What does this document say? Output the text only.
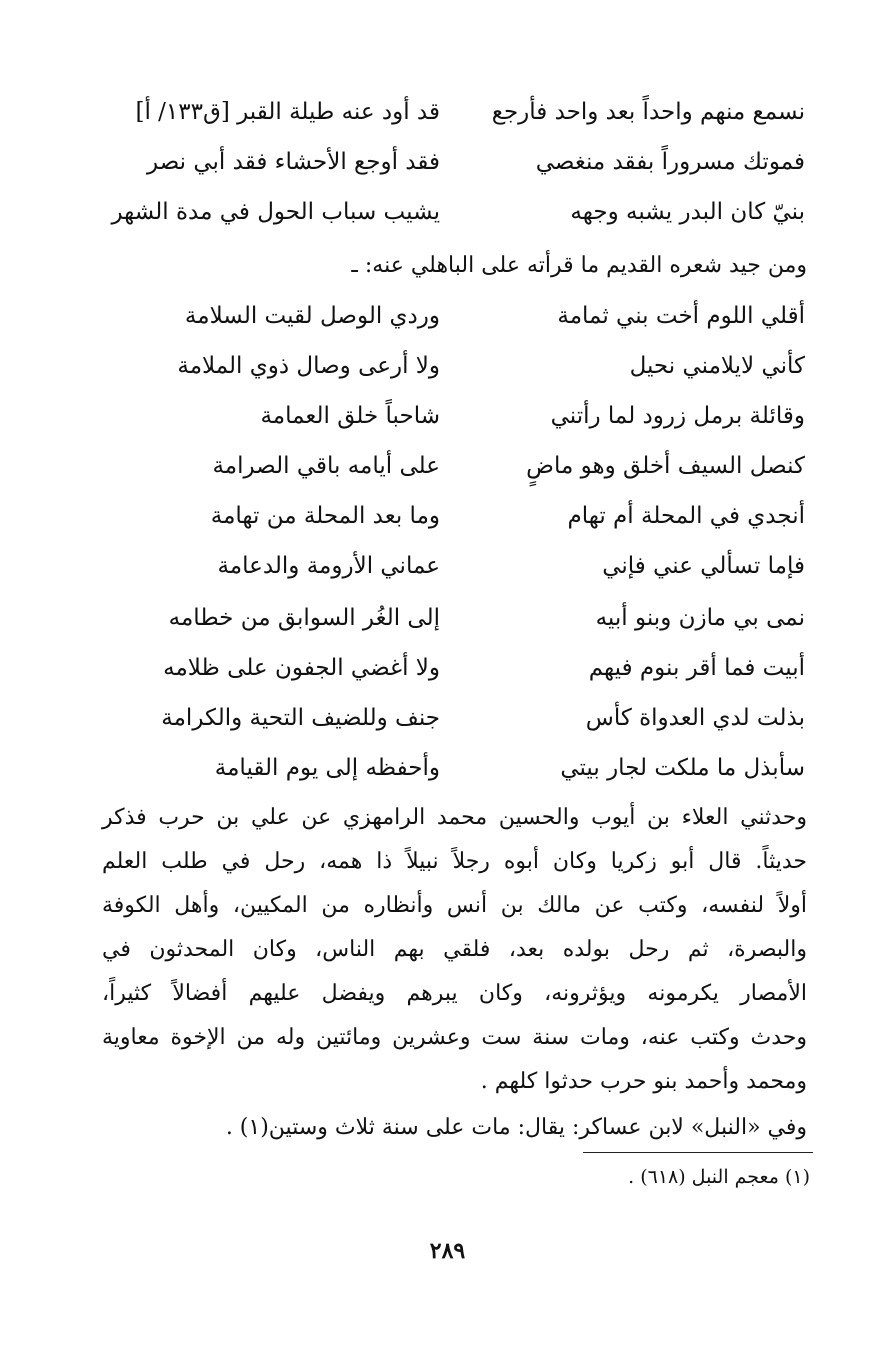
نسمع منهم واحداً بعد واحد فأرجع
قد أود عنه طيلة القبر [ق١٣٣/ أ]
فموتك مسروراً بفقد منغصي
فقد أوجع الأحشاء فقد أبي نصر
بنيّ كان البدر يشبه وجهه
يشيب سباب الحول في مدة الشهر
ومن جيد شعره القديم ما قرأته على الباهلي عنه: ـ
أقلي اللوم أخت بني ثمامة
وردي الوصل لقيت السلامة
كأني لايلامني نحيل
ولا أرعى وصال ذوي الملامة
وقائلة برمل زرود لما رأتني
شاحباً خلق العمامة
كنصل السيف أخلق وهو ماضٍ
على أيامه باقي الصرامة
أنجدي في المحلة أم تهام
وما بعد المحلة من تهامة
فإما تسألي عني فإني
عماني الأرومة والدعامة
نمى بي مازن وبنو أبيه
إلى الغُر السوابق من خطامه
أبيت فما أقر بنوم فيهم
ولا أغضي الجفون على ظلامه
بذلت لدي العدواة كأس
جنف وللضيف التحية والكرامة
سأبذل ما ملكت لجار بيتي
وأحفظه إلى يوم القيامة
وحدثني العلاء بن أيوب والحسين محمد الرامهزي عن علي بن حرب فذكر
حديثاً. قال أبو زكريا وكان أبوه رجلاً نبيلاً ذا همه، رحل في طلب العلم
أولاً لنفسه، وكتب عن مالك بن أنس وأنظاره من المكيين، وأهل الكوفة
والبصرة، ثم رحل بولده بعد، فلقي بهم الناس، وكان المحدثون في
الأمصار يكرمونه ويؤثرونه، وكان يبرهم ويفضل عليهم أفضالاً كثيراً،
وحدث وكتب عنه، ومات سنة ست وعشرين ومائتين وله من الإخوة معاوية
ومحمد وأحمد بنو حرب حدثوا كلهم .
وفي «النبل» لابن عساكر: يقال: مات على سنة ثلاث وستين(١) .
(١) معجم النبل (٦١٨) .
٢٨٩
